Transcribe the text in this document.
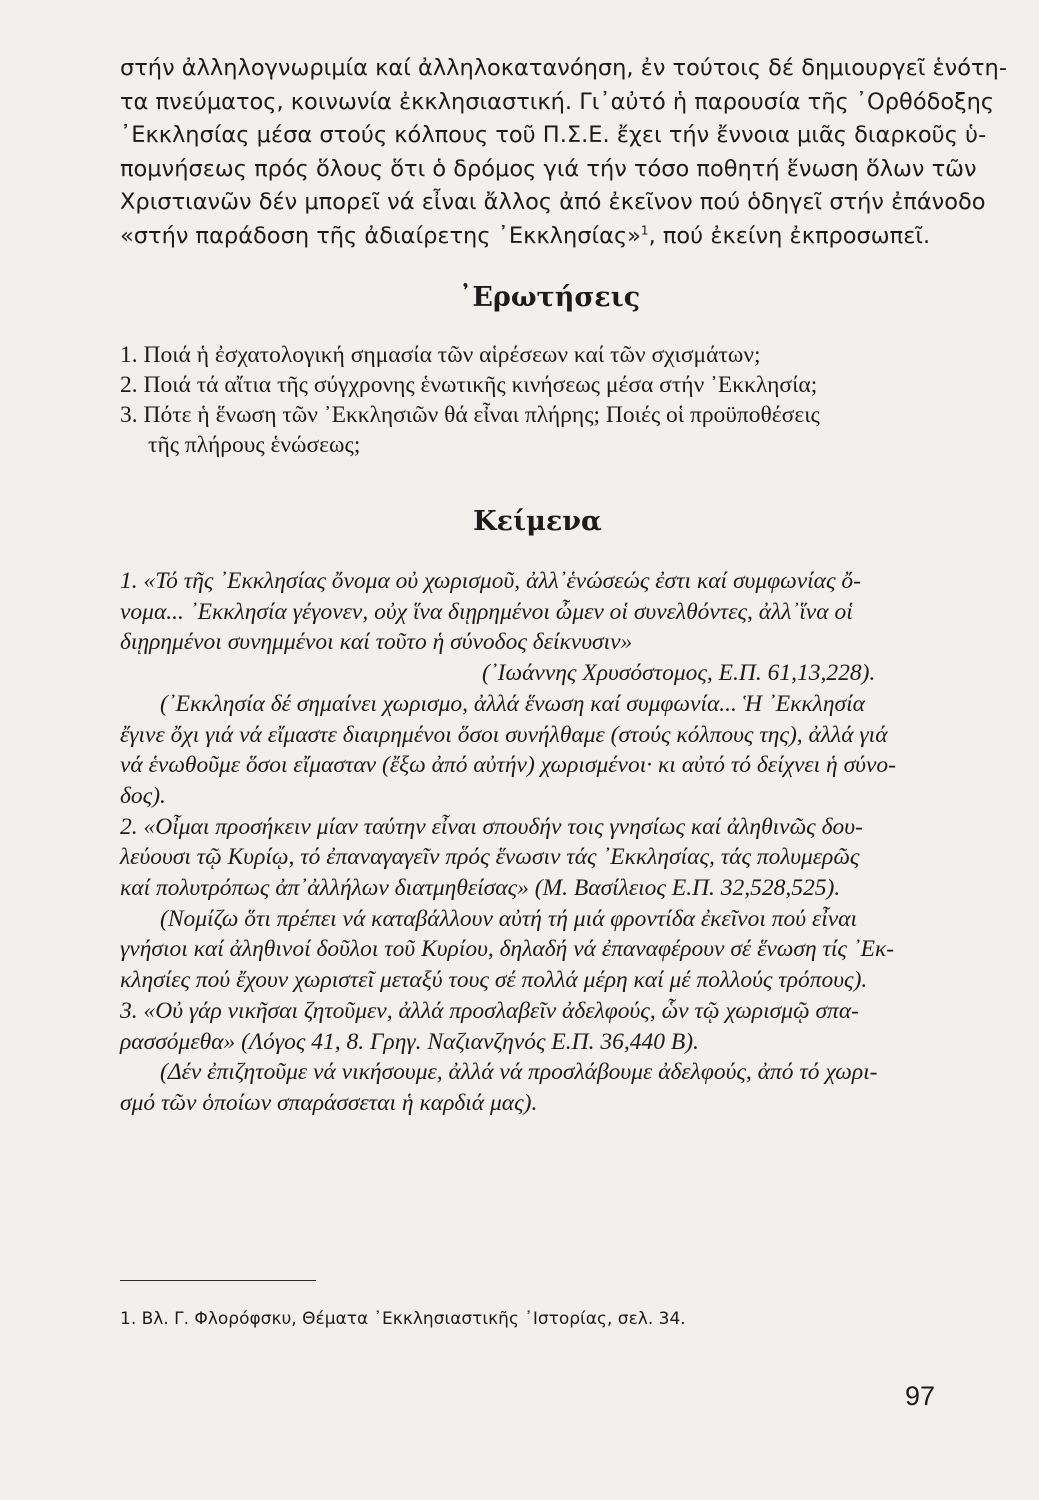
στήν ἀλληλογνωριμία καί ἀλληλοκατανόηση, ἐν τούτοις δέ δημιουργεῖ ἑνότη-
τα πνεύματος, κοινωνία ἐκκλησιαστική. Γι᾿αὐτό ἡ παρουσία τῆς ᾿Ορθόδοξης
᾿Εκκλησίας μέσα στούς κόλπους τοῦ Π.Σ.Ε. ἔχει τήν ἔννοια μιᾶς διαρκοῦς ὑ-
πομνήσεως πρός ὅλους ὅτι ὁ δρόμος γιά τήν τόσο ποθητή ἕνωση ὅλων τῶν
Χριστιανῶν δέν μπορεῖ νά εἶναι ἄλλος ἀπό ἐκεῖνον πού ὁδηγεῖ στήν ἐπάνοδο
«στήν παράδοση τῆς ἀδιαίρετης ᾿Εκκλησίας»$^1$, πού ἐκείνη ἐκπροσωπεῖ.
᾿Ερωτήσεις
1. Ποιά ἡ ἐσχατολογική σημασία τῶν αἱρέσεων καί τῶν σχισμάτων;
2. Ποιά τά αἴτια τῆς σύγχρονης ἑνωτικῆς κινήσεως μέσα στήν ᾿Εκκλησία;
3. Πότε ἡ ἕνωση τῶν ᾿Εκκλησιῶν θά εἶναι πλήρης; Ποιές οἱ προϋποθέσεις
τῆς πλήρους ἑνώσεως;
Κείμενα
1. «Τό τῆς ᾿Εκκλησίας ὄνομα οὐ χωρισμοῦ, ἀλλ᾿ἑνώσεώς ἐστι καί συμφωνίας ὄ-
νομα... ᾿Εκκλησία γέγονεν, οὐχ ἵνα διῃρημένοι ὦμεν οἱ συνελθόντες, ἀλλ᾿ἵνα οἱ
διῃρημένοι συνημμένοι καί τοῦτο ἡ σύνοδος δείκνυσιν»
(᾿Ιωάννης Χρυσόστομος, Ε.Π. 61,13,228).
(᾿Εκκλησία δέ σημαίνει χωρισμο, ἀλλά ἕνωση καί συμφωνία... Ἡ ᾿Εκκλησία
ἔγινε ὄχι γιά νά εἴμαστε διαιρημένοι ὅσοι συνήλθαμε (στούς κόλπους της), ἀλλά γιά
νά ἑνωθοῦμε ὅσοι εἴμασταν (ἔξω ἀπό αὐτήν) χωρισμένοι· κι αὐτό τό δείχνει ἡ σύνο-
δος).
2. «Οἶμαι προσήκειν μίαν ταύτην εἶναι σπουδήν τοις γνησίως καί ἀληθινῶς δου-
λεύουσι τῷ Κυρίῳ, τό ἐπαναγαγεῖν πρός ἕνωσιν τάς ᾿Εκκλησίας, τάς πολυμερῶς
καί πολυτρόπως ἀπ᾿ἀλλήλων διατμηθείσας» (Μ. Βασίλειος Ε.Π. 32,528,525).
(Νομίζω ὅτι πρέπει νά καταβάλλουν αὐτή τή μιά φροντίδα ἐκεῖνοι πού εἶναι
γνήσιοι καί ἀληθινοί δοῦλοι τοῦ Κυρίου, δηλαδή νά ἐπαναφέρουν σέ ἕνωση τίς ᾿Εκ-
κλησίες πού ἔχουν χωριστεῖ μεταξύ τους σέ πολλά μέρη καί μέ πολλούς τρόπους).
3. «Οὐ γάρ νικῆσαι ζητοῦμεν, ἀλλά προσλαβεῖν ἀδελφούς, ὧν τῷ χωρισμῷ σπα-
ρασσόμεθα» (Λόγος 41, 8. Γρηγ. Ναζιανζηνός Ε.Π. 36,440 Β).
(Δέν ἐπιζητοῦμε νά νικήσουμε, ἀλλά νά προσλάβουμε ἀδελφούς, ἀπό τό χωρι-
σμό τῶν ὁποίων σπαράσσεται ἡ καρδιά μας).

1. Βλ. Γ. Φλορόφσκυ, Θέματα ᾿Εκκλησιαστικῆς ᾿Ιστορίας, σελ. 34.

97
